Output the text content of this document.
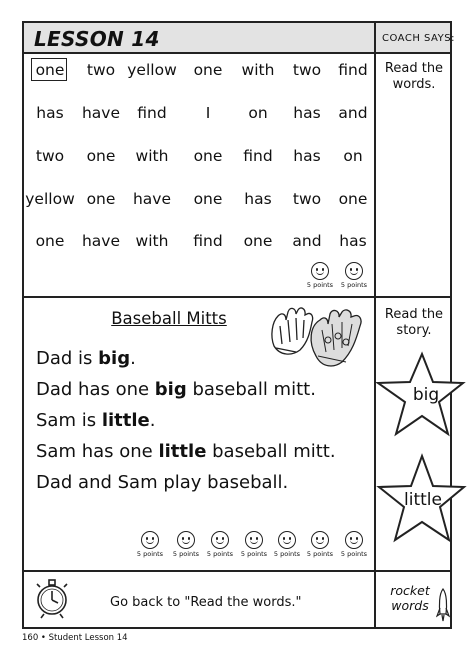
LESSON 14	COACH SAYS:
one two yellow one with two find
has have find	I on has and
two one with one find has on
yellow one have one has two one
one have with find one and has
Read the words.
5 points	5 points
Baseball Mitts
Dad is big.
Dad has one big baseball mitt.
Sam is little.
Sam has one little baseball mitt.
Dad and Sam play baseball.
Read the story.
big
little
5 points	5 points	5 points	5 points	5 points	5 points	5 points
Go back to "Read the words."
rocket words
160 • Student Lesson 14
